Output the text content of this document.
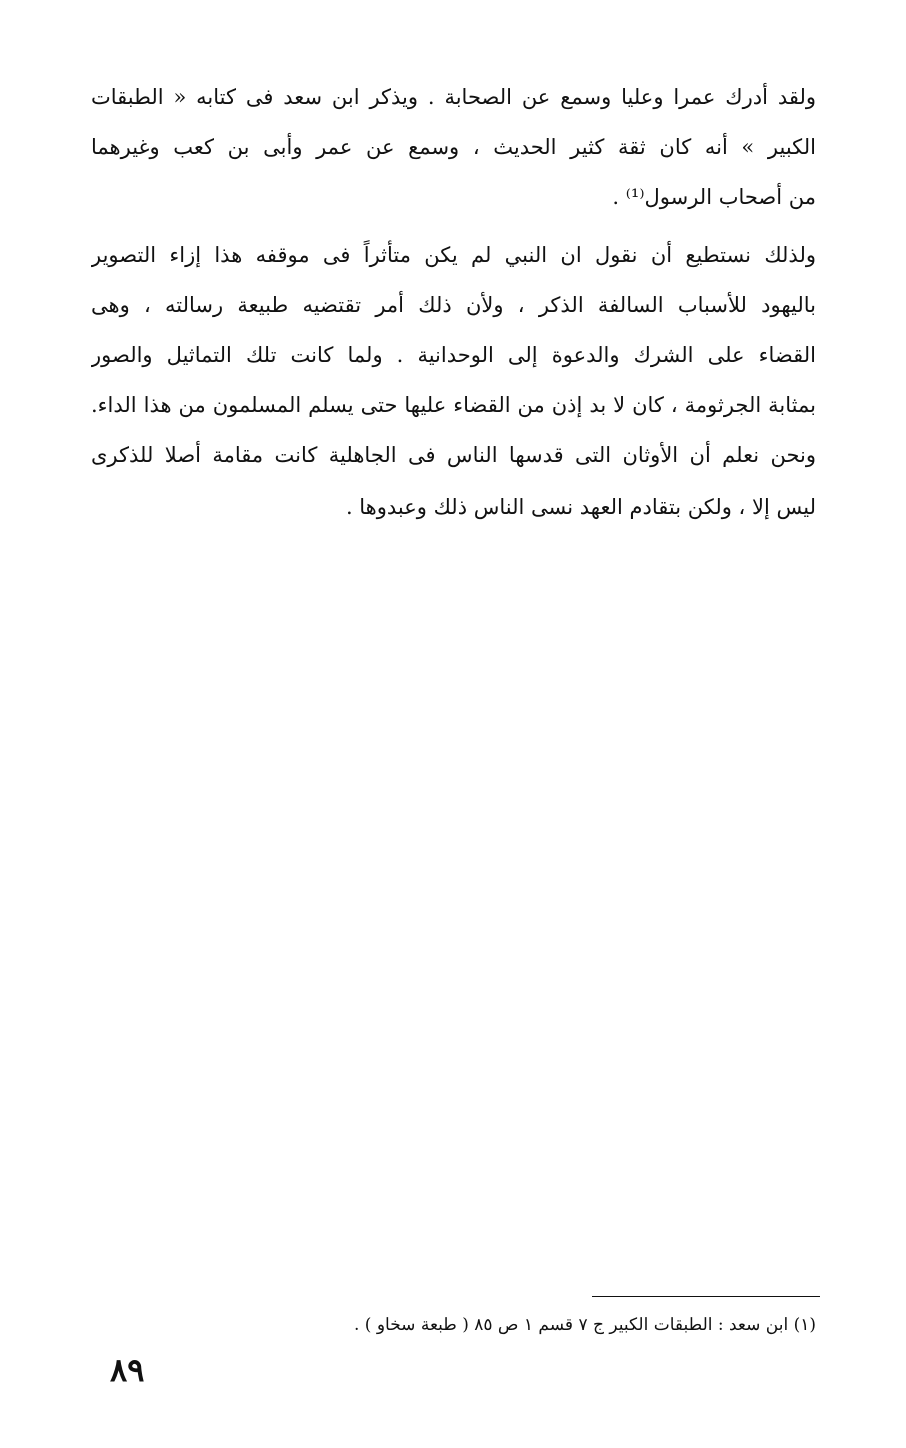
ولقد أدرك عمرا وعليا وسمع عن الصحابة . ويذكر ابن سعد فى كتابه « الطبقات
الكبير » أنه كان ثقة كثير الحديث ، وسمع عن عمر وأبى بن كعب وغيرهما
من أصحاب الرسول⁽¹⁾ .
ولذلك نستطيع أن نقول ان النبي لم يكن متأثراً فى موقفه هذا إزاء التصوير
باليهود للأسباب السالفة الذكر ، ولأن ذلك أمر تقتضيه طبيعة رسالته ، وهى
القضاء على الشرك والدعوة إلى الوحدانية . ولما كانت تلك التماثيل والصور
بمثابة الجرثومة ، كان لا بد إذن من القضاء عليها حتى يسلم المسلمون من هذا الداء.
ونحن نعلم أن الأوثان التى قدسها الناس فى الجاهلية كانت مقامة أصلا للذكرى
ليس إلا ، ولكن بتقادم العهد نسى الناس ذلك وعبدوها .
(١) ابن سعد : الطبقات الكبير ج ٧ قسم ١ ص ٨٥ ( طبعة سخاو ) .
٨٩
